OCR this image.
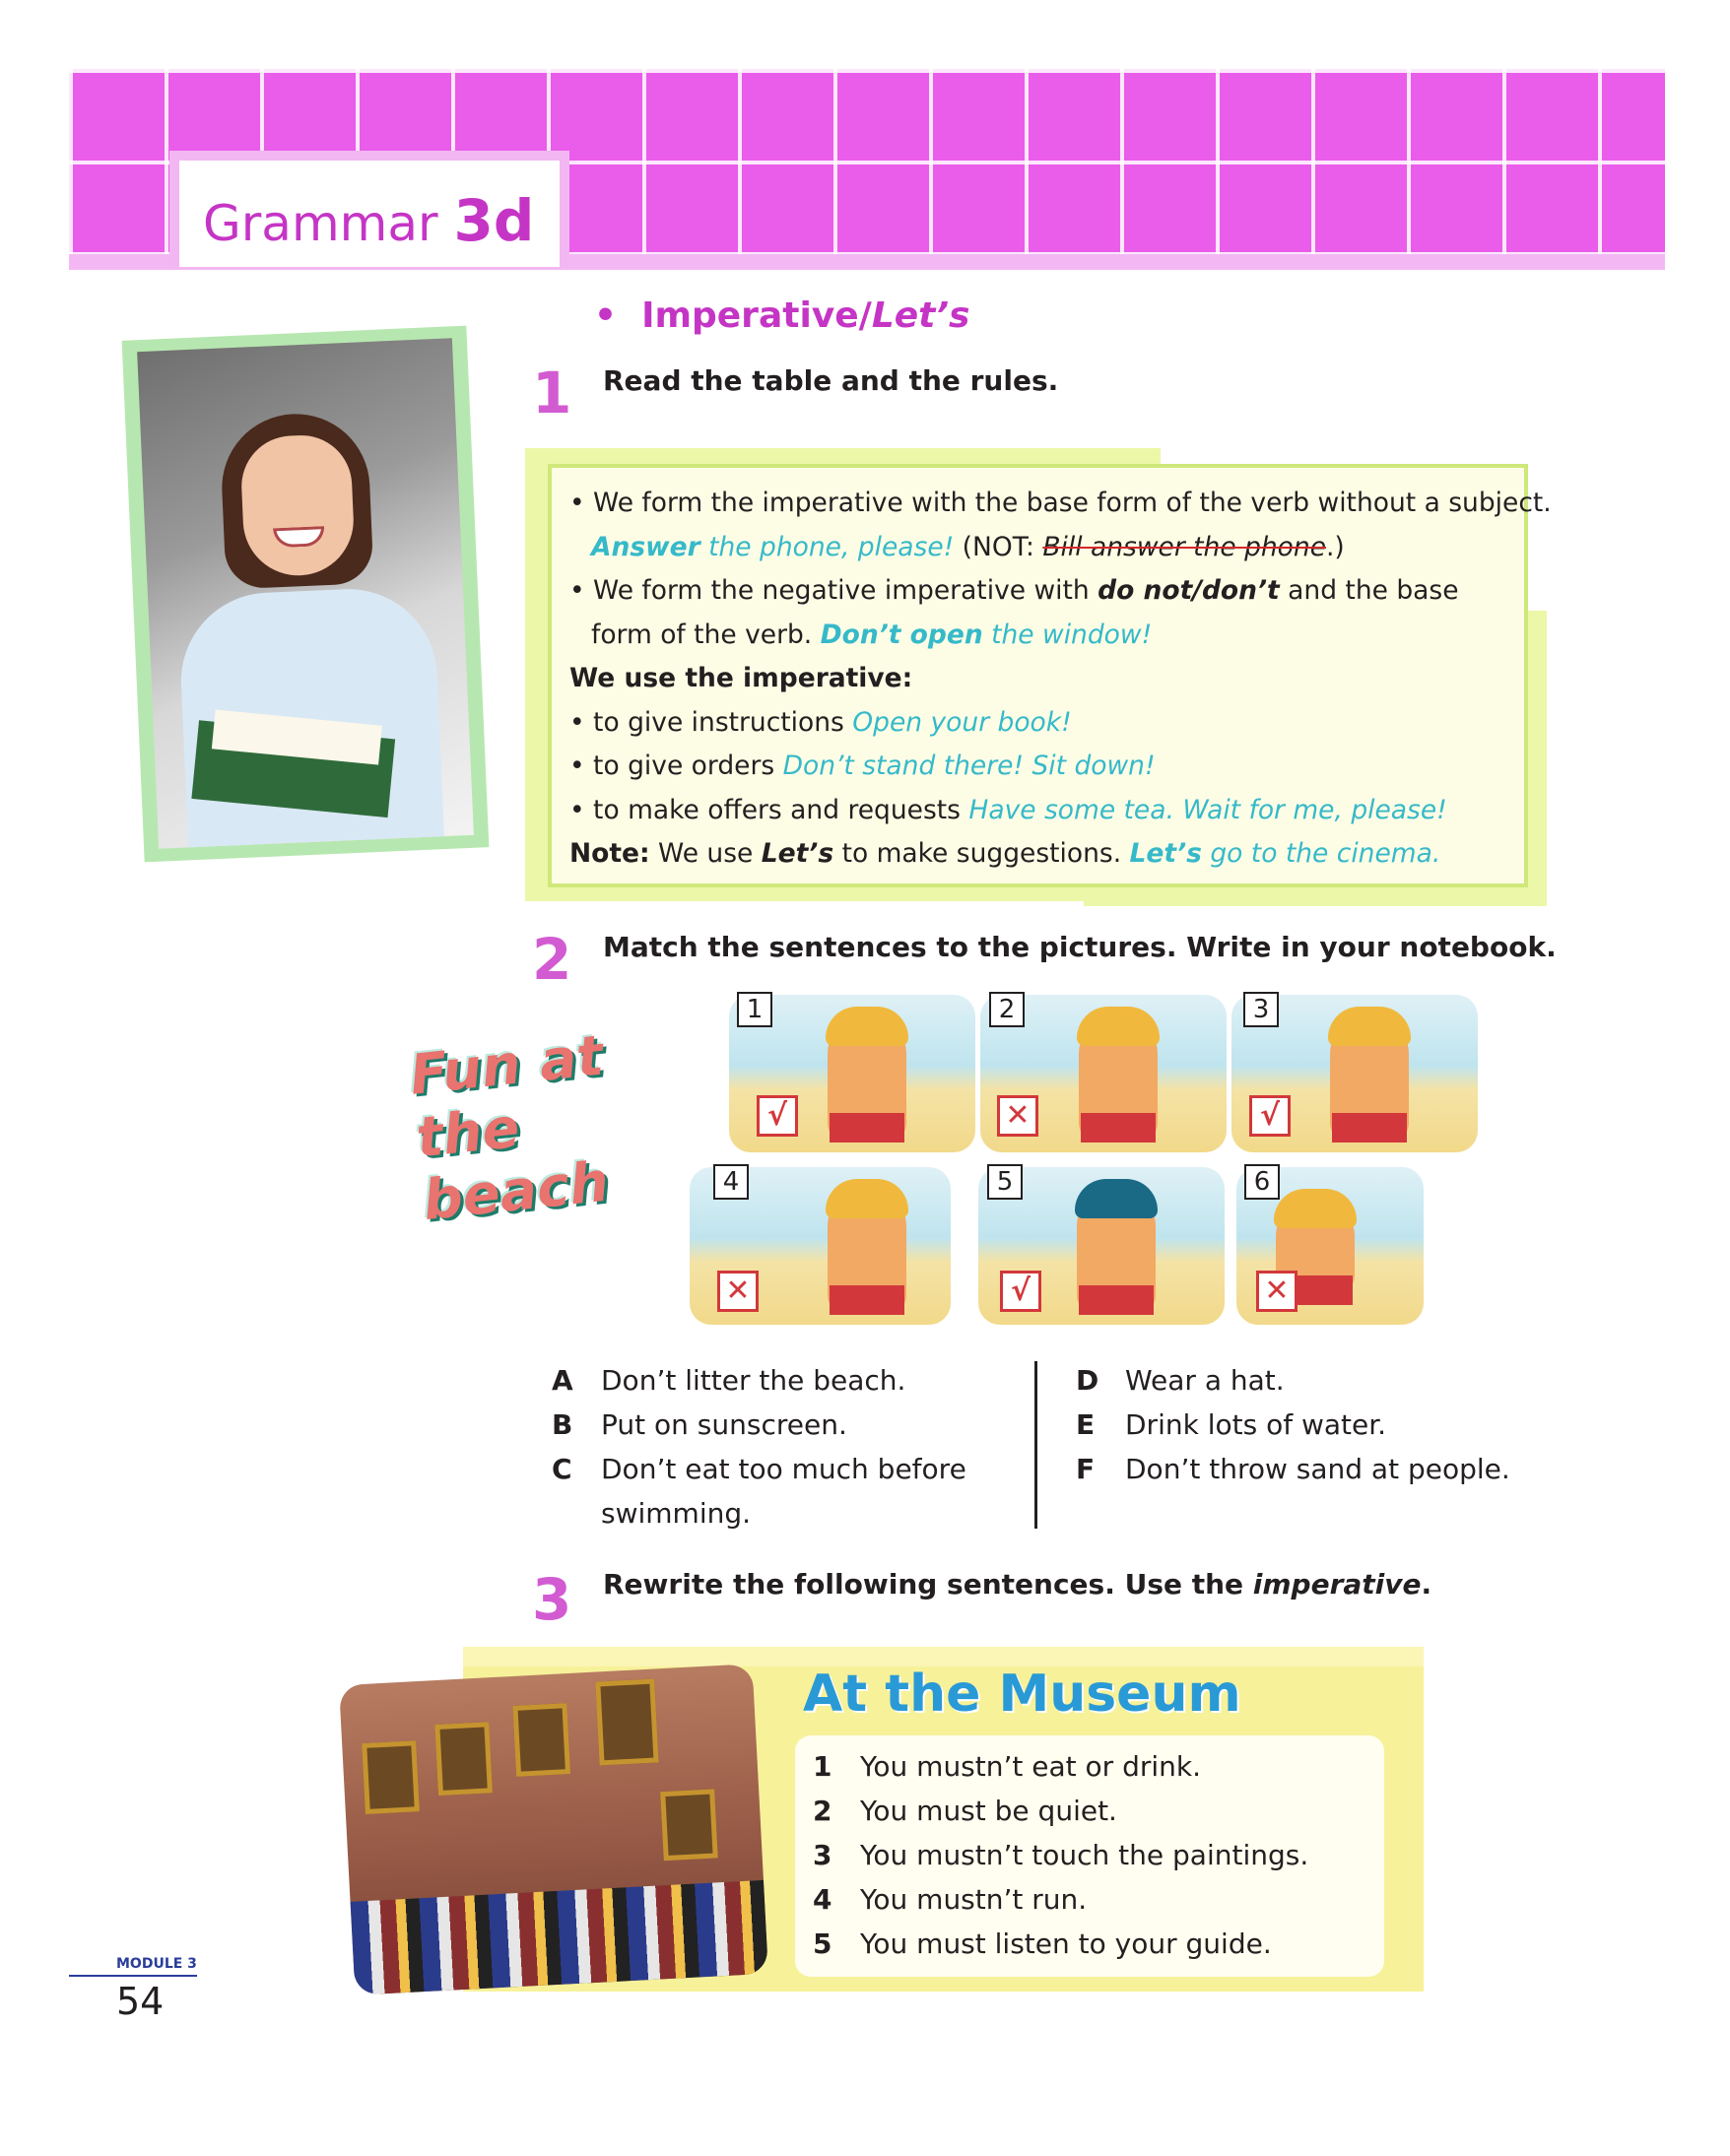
Grammar 3d
• Imperative/Let’s
1 Read the table and the rules.
• We form the imperative with the base form of the verb without a subject.
Answer the phone, please! (NOT: Bill answer the phone.)
• We form the negative imperative with do not/don’t and the base
form of the verb. Don’t open the window!
We use the imperative:
• to give instructions Open your book!
• to give orders Don’t stand there! Sit down!
• to make offers and requests Have some tea. Wait for me, please!
Note: We use Let’s to make suggestions. Let’s go to the cinema.
2 Match the sentences to the pictures. Write in your notebook.
Fun at
the beach
1
√
2
✕
3
√
4
✕
5
√
6
✕
A Don’t litter the beach.
B Put on sunscreen.
C Don’t eat too much before
swimming.
D Wear a hat.
E Drink lots of water.
F Don’t throw sand at people.
3 Rewrite the following sentences. Use the imperative.
At the Museum
1 You mustn’t eat or drink.
2 You must be quiet.
3 You mustn’t touch the paintings.
4 You mustn’t run.
5 You must listen to your guide.
MODULE 3
54
